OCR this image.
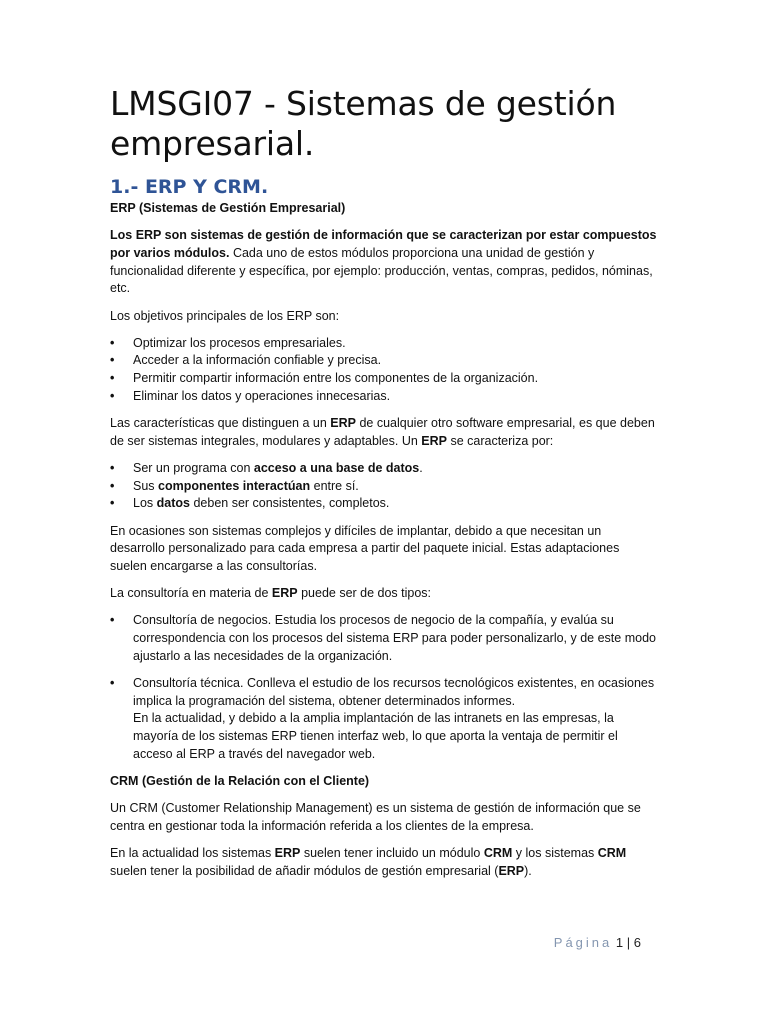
LMSGI07 - Sistemas de gestión empresarial.
1.- ERP Y CRM.
ERP (Sistemas de Gestión Empresarial)

Los ERP son sistemas de gestión de información que se caracterizan por estar compuestos por varios módulos. Cada uno de estos módulos proporciona una unidad de gestión y funcionalidad diferente y específica, por ejemplo: producción, ventas, compras, pedidos, nóminas, etc.

Los objetivos principales de los ERP son:

• Optimizar los procesos empresariales.
• Acceder a la información confiable y precisa.
• Permitir compartir información entre los componentes de la organización.
• Eliminar los datos y operaciones innecesarias.

Las características que distinguen a un ERP de cualquier otro software empresarial, es que deben de ser sistemas integrales, modulares y adaptables. Un ERP se caracteriza por:

• Ser un programa con acceso a una base de datos.
• Sus componentes interactúan entre sí.
• Los datos deben ser consistentes, completos.

En ocasiones son sistemas complejos y difíciles de implantar, debido a que necesitan un desarrollo personalizado para cada empresa a partir del paquete inicial. Estas adaptaciones suelen encargarse a las consultorías.

La consultoría en materia de ERP puede ser de dos tipos:

• Consultoría de negocios. Estudia los procesos de negocio de la compañía, y evalúa su correspondencia con los procesos del sistema ERP para poder personalizarlo, y de este modo ajustarlo a las necesidades de la organización.
• Consultoría técnica. Conlleva el estudio de los recursos tecnológicos existentes, en ocasiones implica la programación del sistema, obtener determinados informes.
En la actualidad, y debido a la amplia implantación de las intranets en las empresas, la mayoría de los sistemas ERP tienen interfaz web, lo que aporta la ventaja de permitir el acceso al ERP a través del navegador web.
CRM (Gestión de la Relación con el Cliente)

Un CRM (Customer Relationship Management) es un sistema de gestión de información que se centra en gestionar toda la información referida a los clientes de la empresa.

En la actualidad los sistemas ERP suelen tener incluido un módulo CRM y los sistemas CRM suelen tener la posibilidad de añadir módulos de gestión empresarial (ERP).

Página 1 | 6
